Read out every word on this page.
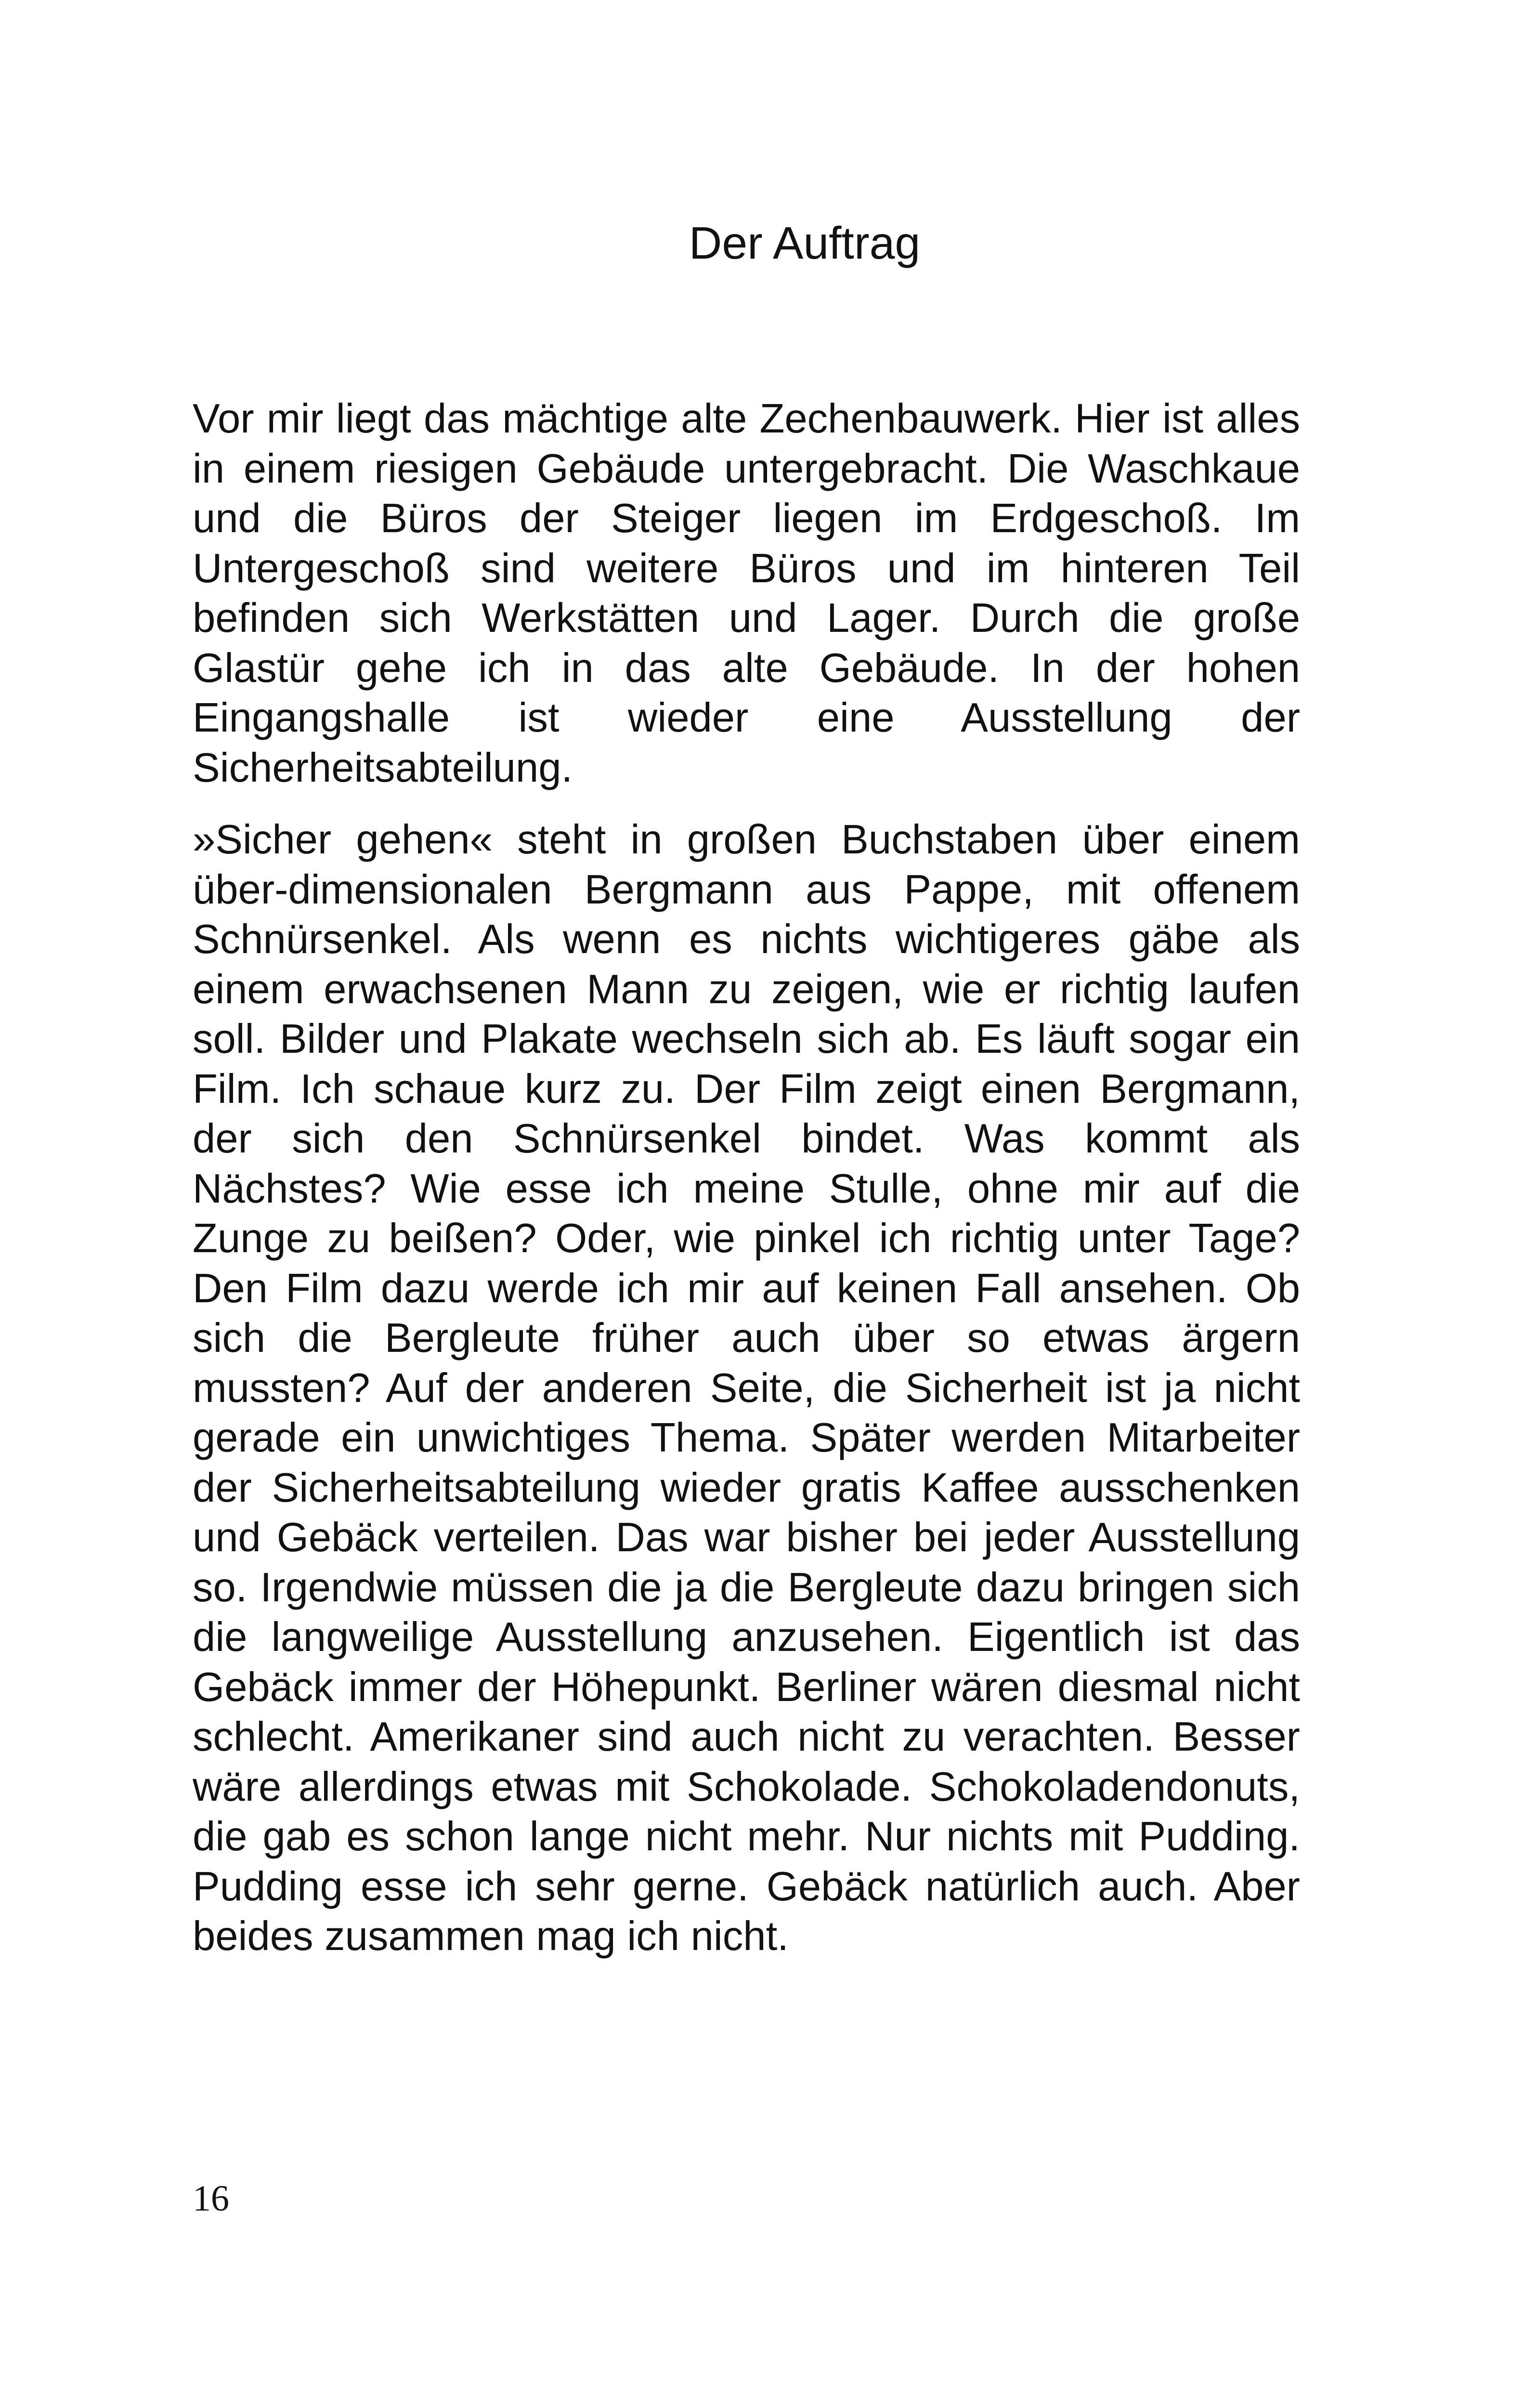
Der Auftrag

Vor mir liegt das mächtige alte Zechenbauwerk. Hier ist alles in einem riesigen Gebäude untergebracht. Die Waschkaue und die Büros der Steiger liegen im Erdgeschoß. Im Untergeschoß sind weitere Büros und im hinteren Teil befinden sich Werkstätten und Lager. Durch die große Glastür gehe ich in das alte Gebäude. In der hohen Eingangshalle ist wieder eine Ausstellung der Sicherheitsabteilung.

»Sicher gehen« steht in großen Buchstaben über einem über-dimensionalen Bergmann aus Pappe, mit offenem Schnürsenkel. Als wenn es nichts wichtigeres gäbe als einem erwachsenen Mann zu zeigen, wie er richtig laufen soll. Bilder und Plakate wechseln sich ab. Es läuft sogar ein Film. Ich schaue kurz zu. Der Film zeigt einen Bergmann, der sich den Schnürsenkel bindet. Was kommt als Nächstes? Wie esse ich meine Stulle, ohne mir auf die Zunge zu beißen? Oder, wie pinkel ich richtig unter Tage? Den Film dazu werde ich mir auf keinen Fall ansehen. Ob sich die Bergleute früher auch über so etwas ärgern mussten? Auf der anderen Seite, die Sicherheit ist ja nicht gerade ein unwichtiges Thema. Später werden Mitarbeiter der Sicherheitsabteilung wieder gratis Kaffee ausschenken und Gebäck verteilen. Das war bisher bei jeder Ausstellung so. Irgendwie müssen die ja die Bergleute dazu bringen sich die langweilige Ausstellung anzusehen. Eigentlich ist das Gebäck immer der Höhepunkt. Berliner wären diesmal nicht schlecht. Amerikaner sind auch nicht zu verachten. Besser wäre allerdings etwas mit Schokolade. Schokoladendonuts, die gab es schon lange nicht mehr. Nur nichts mit Pudding. Pudding esse ich sehr gerne. Gebäck natürlich auch. Aber beides zusammen mag ich nicht.

16
